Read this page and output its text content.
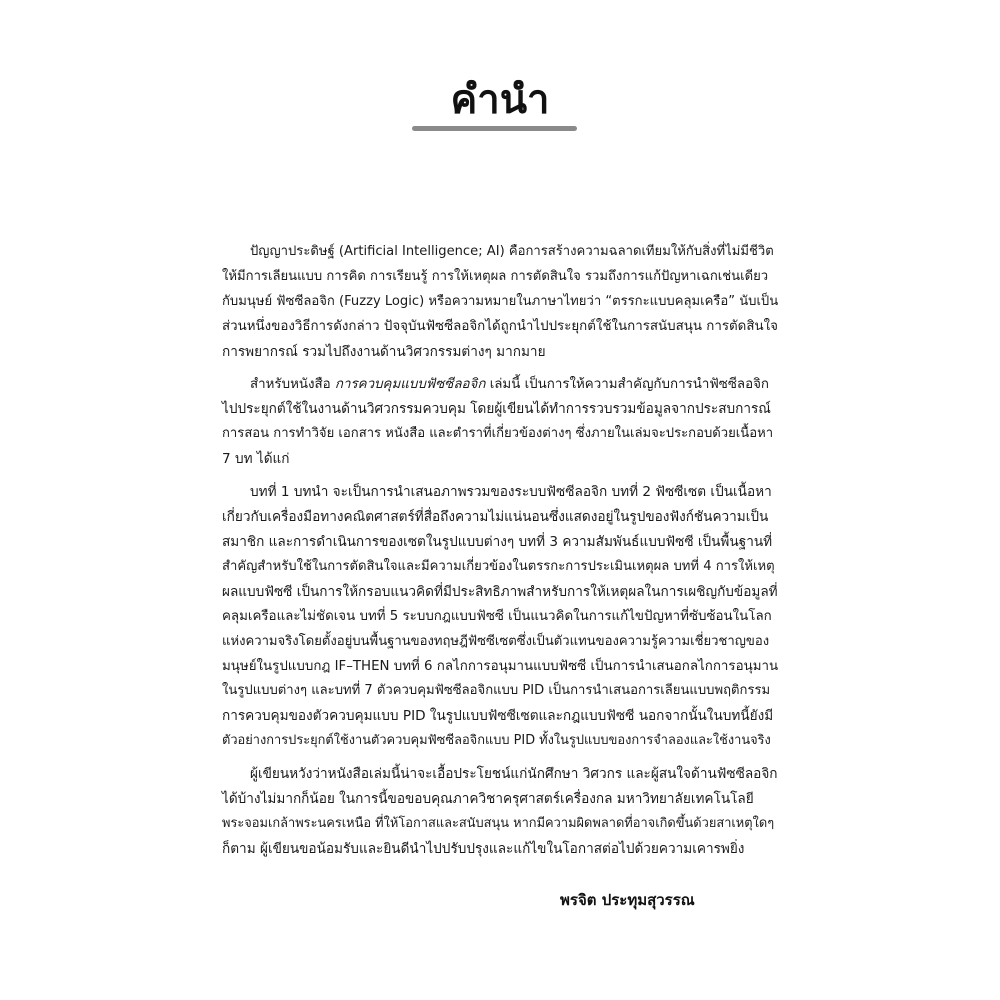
คำนำ

ปัญญาประดิษฐ์ (Artificial Intelligence; AI) คือการสร้างความฉลาดเทียมให้กับสิ่งที่ไม่มีชีวิต
ให้มีการเลียนแบบ การคิด การเรียนรู้ การให้เหตุผล การตัดสินใจ รวมถึงการแก้ปัญหาเฉกเช่นเดียว
กับมนุษย์ ฟัซซีลอจิก (Fuzzy Logic) หรือความหมายในภาษาไทยว่า “ตรรกะแบบคลุมเครือ” นับเป็น
ส่วนหนึ่งของวิธีการดังกล่าว ปัจจุบันฟัซซีลอจิกได้ถูกนำไปประยุกต์ใช้ในการสนับสนุน การตัดสินใจ
การพยากรณ์ รวมไปถึงงานด้านวิศวกรรมต่างๆ มากมาย

สำหรับหนังสือ การควบคุมแบบฟัซซีลอจิก เล่มนี้ เป็นการให้ความสำคัญกับการนำฟัซซีลอจิก
ไปประยุกต์ใช้ในงานด้านวิศวกรรมควบคุม โดยผู้เขียนได้ทำการรวบรวมข้อมูลจากประสบการณ์
การสอน การทำวิจัย เอกสาร หนังสือ และตำราที่เกี่ยวข้องต่างๆ ซึ่งภายในเล่มจะประกอบด้วยเนื้อหา
7 บท ได้แก่

บทที่ 1 บทนำ จะเป็นการนำเสนอภาพรวมของระบบฟัซซีลอจิก บทที่ 2 ฟัซซีเซต เป็นเนื้อหา
เกี่ยวกับเครื่องมือทางคณิตศาสตร์ที่สื่อถึงความไม่แน่นอนซึ่งแสดงอยู่ในรูปของฟังก์ชันความเป็น
สมาชิก และการดำเนินการของเซตในรูปแบบต่างๆ บทที่ 3 ความสัมพันธ์แบบฟัซซี เป็นพื้นฐานที่
สำคัญสำหรับใช้ในการตัดสินใจและมีความเกี่ยวข้องในตรรกะการประเมินเหตุผล บทที่ 4 การให้เหตุ
ผลแบบฟัซซี เป็นการให้กรอบแนวคิดที่มีประสิทธิภาพสำหรับการให้เหตุผลในการเผชิญกับข้อมูลที่
คลุมเครือและไม่ชัดเจน บทที่ 5 ระบบกฎแบบฟัซซี เป็นแนวคิดในการแก้ไขปัญหาที่ซับซ้อนในโลก
แห่งความจริงโดยตั้งอยู่บนพื้นฐานของทฤษฎีฟัซซีเซตซึ่งเป็นตัวแทนของความรู้ความเชี่ยวชาญของ
มนุษย์ในรูปแบบกฎ IF–THEN บทที่ 6 กลไกการอนุมานแบบฟัซซี เป็นการนำเสนอกลไกการอนุมาน
ในรูปแบบต่างๆ และบทที่ 7 ตัวควบคุมฟัซซีลอจิกแบบ PID เป็นการนำเสนอการเลียนแบบพฤติกรรม
การควบคุมของตัวควบคุมแบบ PID ในรูปแบบฟัซซีเซตและกฎแบบฟัซซี นอกจากนั้นในบทนี้ยังมี
ตัวอย่างการประยุกต์ใช้งานตัวควบคุมฟัซซีลอจิกแบบ PID ทั้งในรูปแบบของการจำลองและใช้งานจริง

ผู้เขียนหวังว่าหนังสือเล่มนี้น่าจะเอื้อประโยชน์แก่นักศึกษา วิศวกร และผู้สนใจด้านฟัซซีลอจิก
ได้บ้างไม่มากก็น้อย ในการนี้ขอขอบคุณภาควิชาครุศาสตร์เครื่องกล มหาวิทยาลัยเทคโนโลยี
พระจอมเกล้าพระนครเหนือ ที่ให้โอกาสและสนับสนุน หากมีความผิดพลาดที่อาจเกิดขึ้นด้วยสาเหตุใดๆ
ก็ตาม ผู้เขียนขอน้อมรับและยินดีนำไปปรับปรุงและแก้ไขในโอกาสต่อไปด้วยความเคารพยิ่ง

พรจิต ประทุมสุวรรณ
